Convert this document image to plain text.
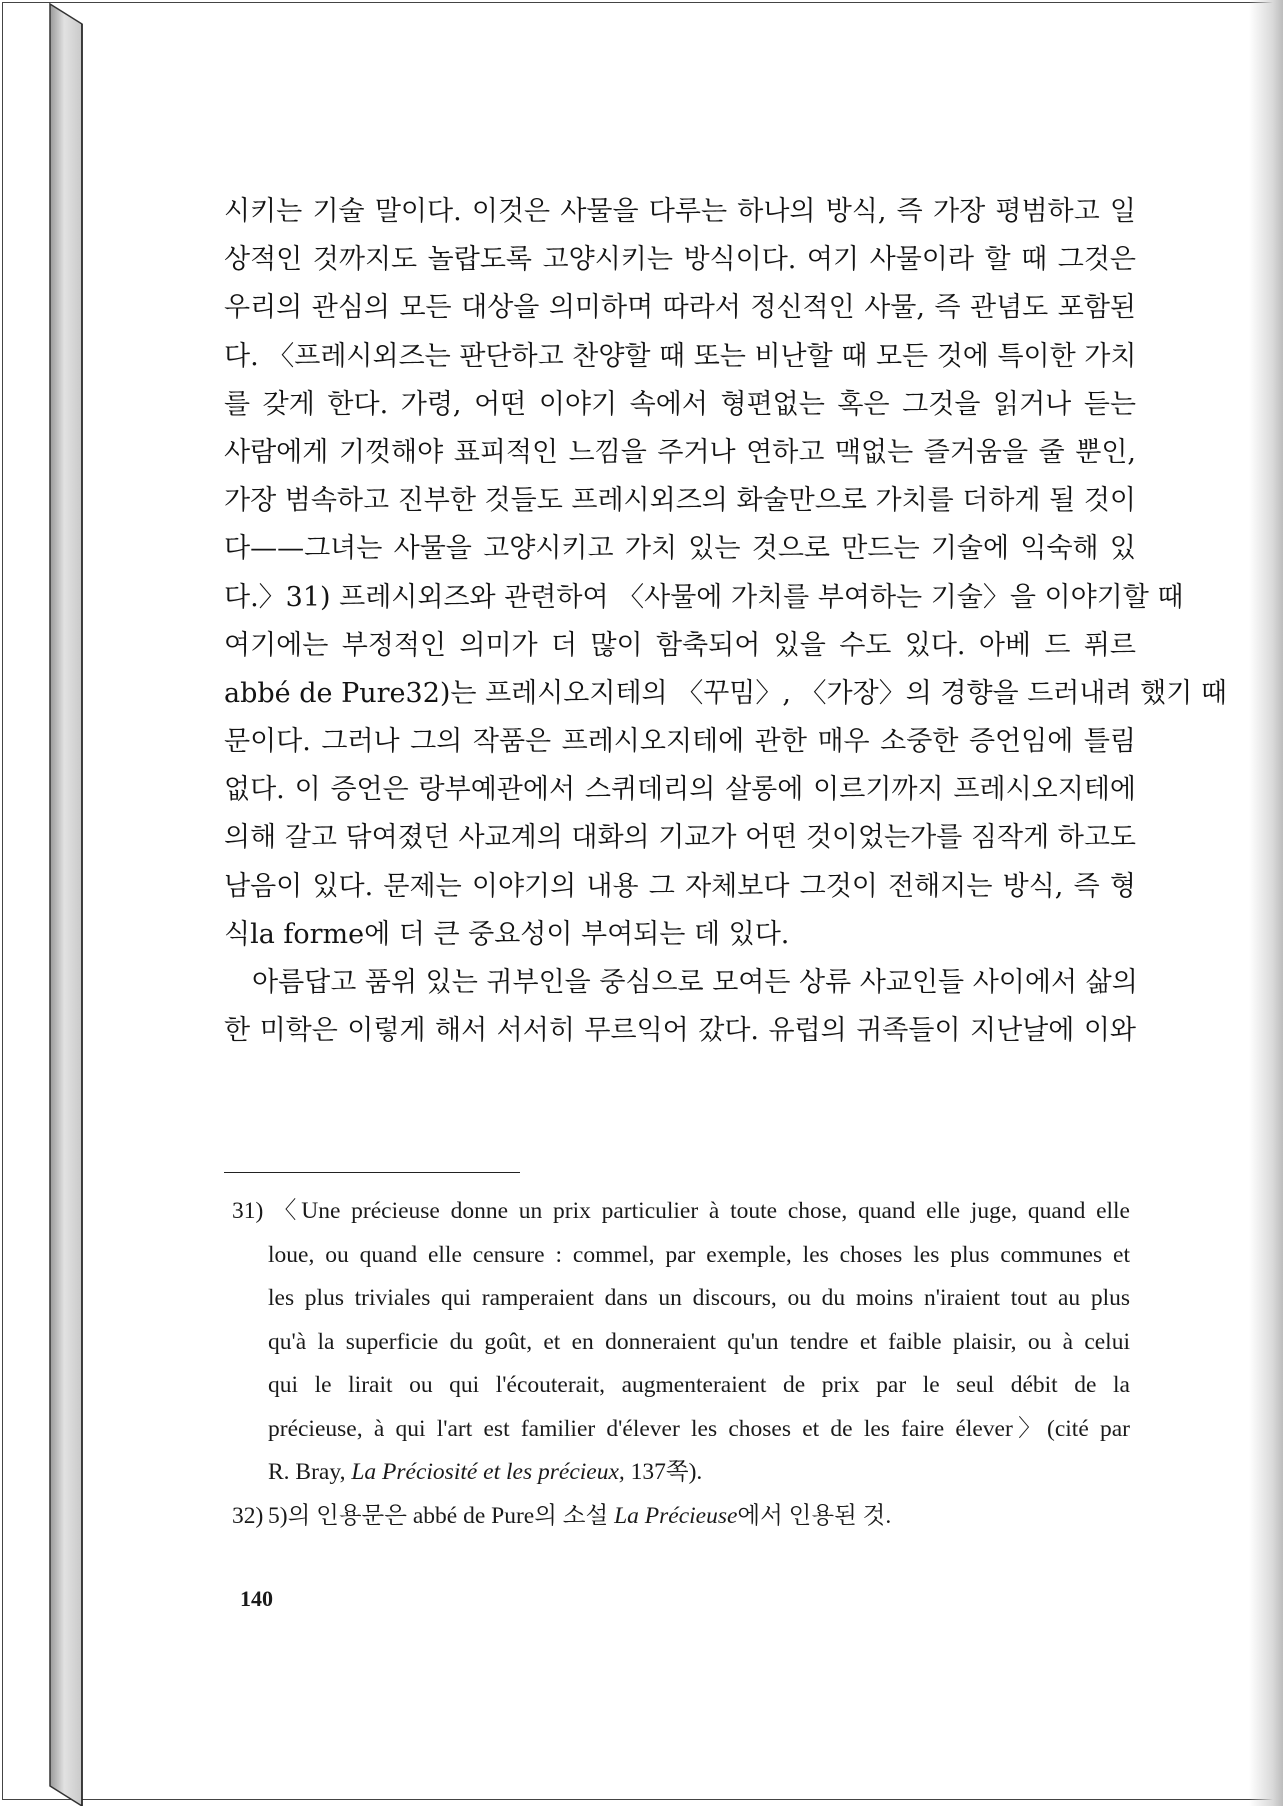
시키는 기술 말이다. 이것은 사물을 다루는 하나의 방식, 즉 가장 평범하고 일
상적인 것까지도 놀랍도록 고양시키는 방식이다. 여기 사물이라 할 때 그것은
우리의 관심의 모든 대상을 의미하며 따라서 정신적인 사물, 즉 관념도 포함된
다. 〈프레시외즈는 판단하고 찬양할 때 또는 비난할 때 모든 것에 특이한 가치
를 갖게 한다. 가령, 어떤 이야기 속에서 형편없는 혹은 그것을 읽거나 듣는
사람에게 기껏해야 표피적인 느낌을 주거나 연하고 맥없는 즐거움을 줄 뿐인,
가장 범속하고 진부한 것들도 프레시외즈의 화술만으로 가치를 더하게 될 것이
다——그녀는 사물을 고양시키고 가치 있는 것으로 만드는 기술에 익숙해 있
다.〉31) 프레시외즈와 관련하여 〈사물에 가치를 부여하는 기술〉을 이야기할 때
여기에는 부정적인 의미가 더 많이 함축되어 있을 수도 있다. 아베 드 퓌르
abbé de Pure32)는 프레시오지테의 〈꾸밈〉, 〈가장〉의 경향을 드러내려 했기 때
문이다. 그러나 그의 작품은 프레시오지테에 관한 매우 소중한 증언임에 틀림
없다. 이 증언은 랑부예관에서 스퀴데리의 살롱에 이르기까지 프레시오지테에
의해 갈고 닦여졌던 사교계의 대화의 기교가 어떤 것이었는가를 짐작게 하고도
남음이 있다. 문제는 이야기의 내용 그 자체보다 그것이 전해지는 방식, 즉 형
식la forme에 더 큰 중요성이 부여되는 데 있다.
아름답고 품위 있는 귀부인을 중심으로 모여든 상류 사교인들 사이에서 삶의
한 미학은 이렇게 해서 서서히 무르익어 갔다. 유럽의 귀족들이 지난날에 이와
31) 〈Une précieuse donne un prix particulier à toute chose, quand elle juge, quand elle
loue, ou quand elle censure : commel, par exemple, les choses les plus communes et
les plus triviales qui ramperaient dans un discours, ou du moins n'iraient tout au plus
qu'à la superficie du goût, et en donneraient qu'un tendre et faible plaisir, ou à celui
qui le lirait ou qui l'écouterait, augmenteraient de prix par le seul débit de la
précieuse, à qui l'art est familier d'élever les choses et de les faire élever〉(cité par
R. Bray, La Préciosité et les précieux, 137쪽).
32) 5)의 인용문은 abbé de Pure의 소설 La Précieuse에서 인용된 것.
140
